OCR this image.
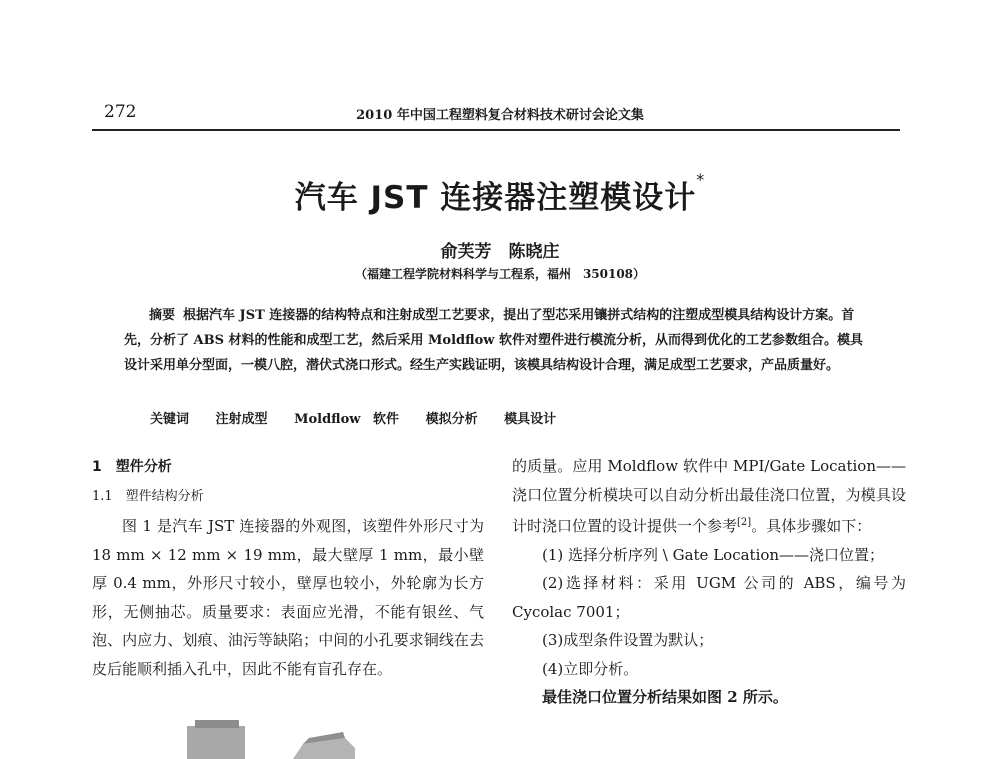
272	2010 年中国工程塑料复合材料技术研讨会论文集
汽车 JST 连接器注塑模设计*
俞芙芳　陈晓庄
（福建工程学院材料科学与工程系，福州　350108）
摘要 根据汽车 JST 连接器的结构特点和注射成型工艺要求，提出了型芯采用镶拼式结构的注塑成型模具结构设计方案。首先，分析了 ABS 材料的性能和成型工艺，然后采用 Moldflow 软件对塑件进行模流分析，从而得到优化的工艺参数组合。模具设计采用单分型面，一模八腔，潜伏式浇口形式。经生产实践证明，该模具结构设计合理，满足成型工艺要求，产品质量好。
关键词 注射成型 Moldflow 软件 模拟分析 模具设计
1　塑件分析
1.1　塑件结构分析

图 1 是汽车 JST 连接器的外观图，该塑件外形尺寸为 18 mm × 12 mm × 19 mm，最大壁厚 1 mm，最小壁厚 0.4 mm，外形尺寸较小，壁厚也较小，外轮廓为长方形，无侧抽芯。质量要求：表面应光滑，不能有银丝、气泡、内应力、划痕、油污等缺陷；中间的小孔要求铜线在去皮后能顺利插入孔中，因此不能有盲孔存在。

的质量。应用 Moldflow 软件中 MPI/Gate Location——浇口位置分析模块可以自动分析出最佳浇口位置，为模具设计时浇口位置的设计提供一个参考[2]。具体步骤如下：

(1) 选择分析序列 \ Gate Location——浇口位置；

(2)选择材料：采用 UGM 公司的 ABS，编号为 Cycolac 7001；

(3)成型条件设置为默认；

(4)立即分析。

最佳浇口位置分析结果如图 2 所示。
